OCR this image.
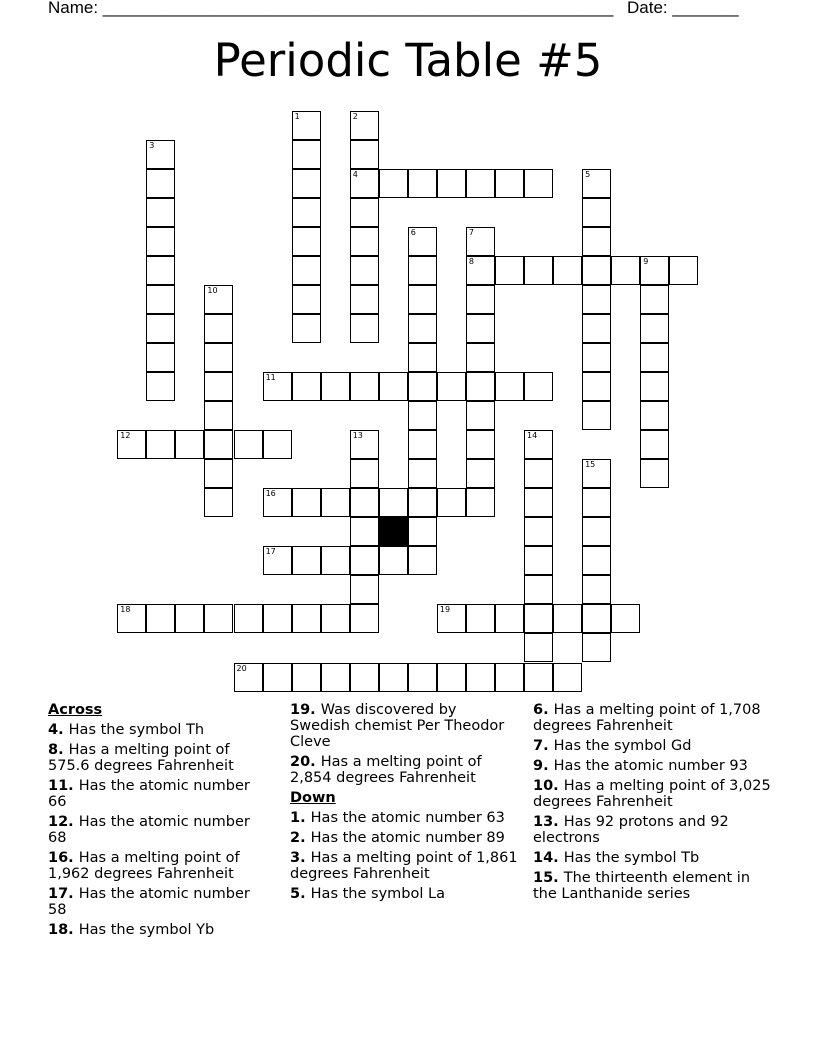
Name: ______________________________________________________ Date: _______
Periodic Table #5
1	2
4
3
5
6	7
8	9
10
11
12	13	14
15
16
17
18	19
20
Across
4. Has the symbol Th
8. Has a melting point of 575.6 degrees Fahrenheit
11. Has the atomic number 66
12. Has the atomic number 68
16. Has a melting point of 1,962 degrees Fahrenheit
17. Has the atomic number 58
18. Has the symbol Yb
19. Was discovered by Swedish chemist Per Theodor Cleve
20. Has a melting point of 2,854 degrees Fahrenheit
Down
1. Has the atomic number 63
2. Has the atomic number 89
3. Has a melting point of 1,861 degrees Fahrenheit
5. Has the symbol La
6. Has a melting point of 1,708 degrees Fahrenheit
7. Has the symbol Gd
9. Has the atomic number 93
10. Has a melting point of 3,025 degrees Fahrenheit
13. Has 92 protons and 92 electrons
14. Has the symbol Tb
15. The thirteenth element in the Lanthanide series
